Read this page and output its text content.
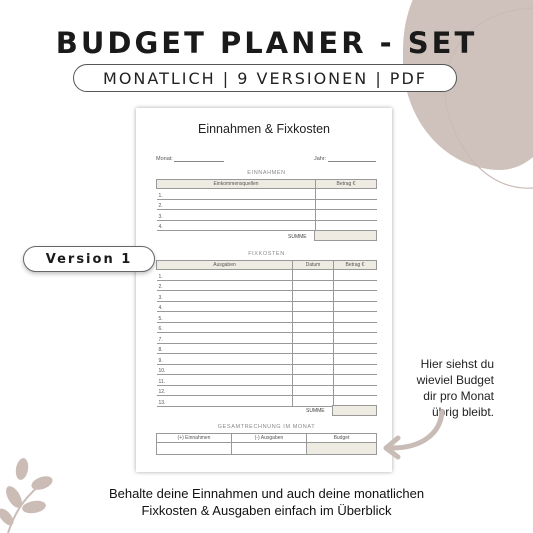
BUDGET PLANER - SET
MONATLICH | 9 VERSIONEN | PDF
Einnahmen & Fixkosten
Monat:	Jahr:
EINNAHMEN
Einkommensquellen	Betrag €
1.	
2.	
3.	
4.	
SUMME
FIXKOSTEN
Ausgaben	Datum	Betrag €
1.		
2.		
3.		
4.		
5.		
6.		
7.		
8.		
9.		
10.		
11.		
12.		
13.		
SUMME
GESAMTRECHNUNG IM MONAT
(+) Einnahmen	(-) Ausgaben	Budget

Version 1
Hier siehst du
wieviel Budget
dir pro Monat
übrig bleibt.
Behalte deine Einnahmen und auch deine monatlichen
Fixkosten & Ausgaben einfach im Überblick
